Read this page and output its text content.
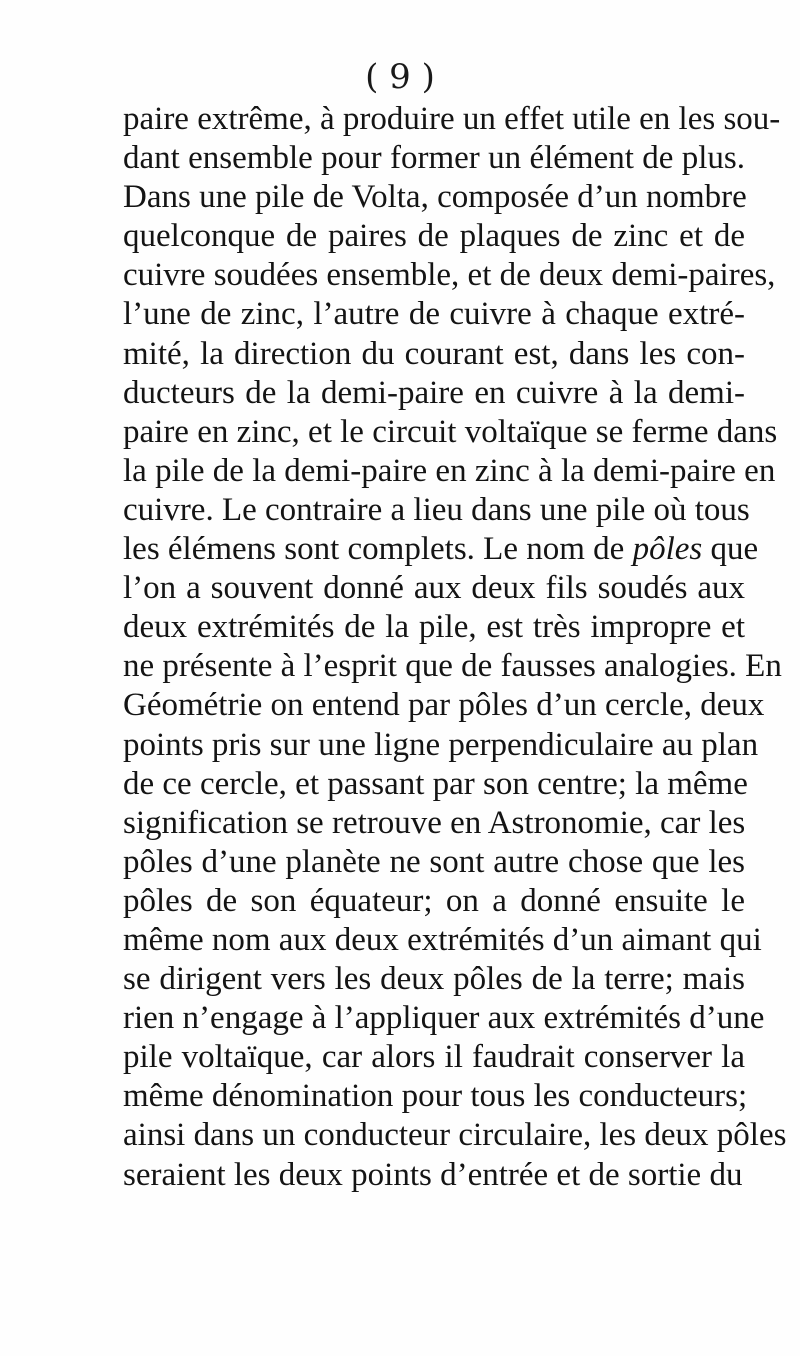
( 9 )
paire extrême, à produire un effet utile en les sou-
dant ensemble pour former un élément de plus.
Dans une pile de Volta, composée d’un nombre
quelconque de paires de plaques de zinc et de
cuivre soudées ensemble, et de deux demi-paires,
l’une de zinc, l’autre de cuivre à chaque extré-
mité, la direction du courant est, dans les con-
ducteurs de la demi-paire en cuivre à la demi-
paire en zinc, et le circuit voltaïque se ferme dans
la pile de la demi-paire en zinc à la demi-paire en
cuivre. Le contraire a lieu dans une pile où tous
les élémens sont complets. Le nom de pôles que
l’on a souvent donné aux deux fils soudés aux
deux extrémités de la pile, est très impropre et
ne présente à l’esprit que de fausses analogies. En
Géométrie on entend par pôles d’un cercle, deux
points pris sur une ligne perpendiculaire au plan
de ce cercle, et passant par son centre; la même
signification se retrouve en Astronomie, car les
pôles d’une planète ne sont autre chose que les
pôles de son équateur; on a donné ensuite le
même nom aux deux extrémités d’un aimant qui
se dirigent vers les deux pôles de la terre; mais
rien n’engage à l’appliquer aux extrémités d’une
pile voltaïque, car alors il faudrait conserver la
même dénomination pour tous les conducteurs;
ainsi dans un conducteur circulaire, les deux pôles
seraient les deux points d’entrée et de sortie du
